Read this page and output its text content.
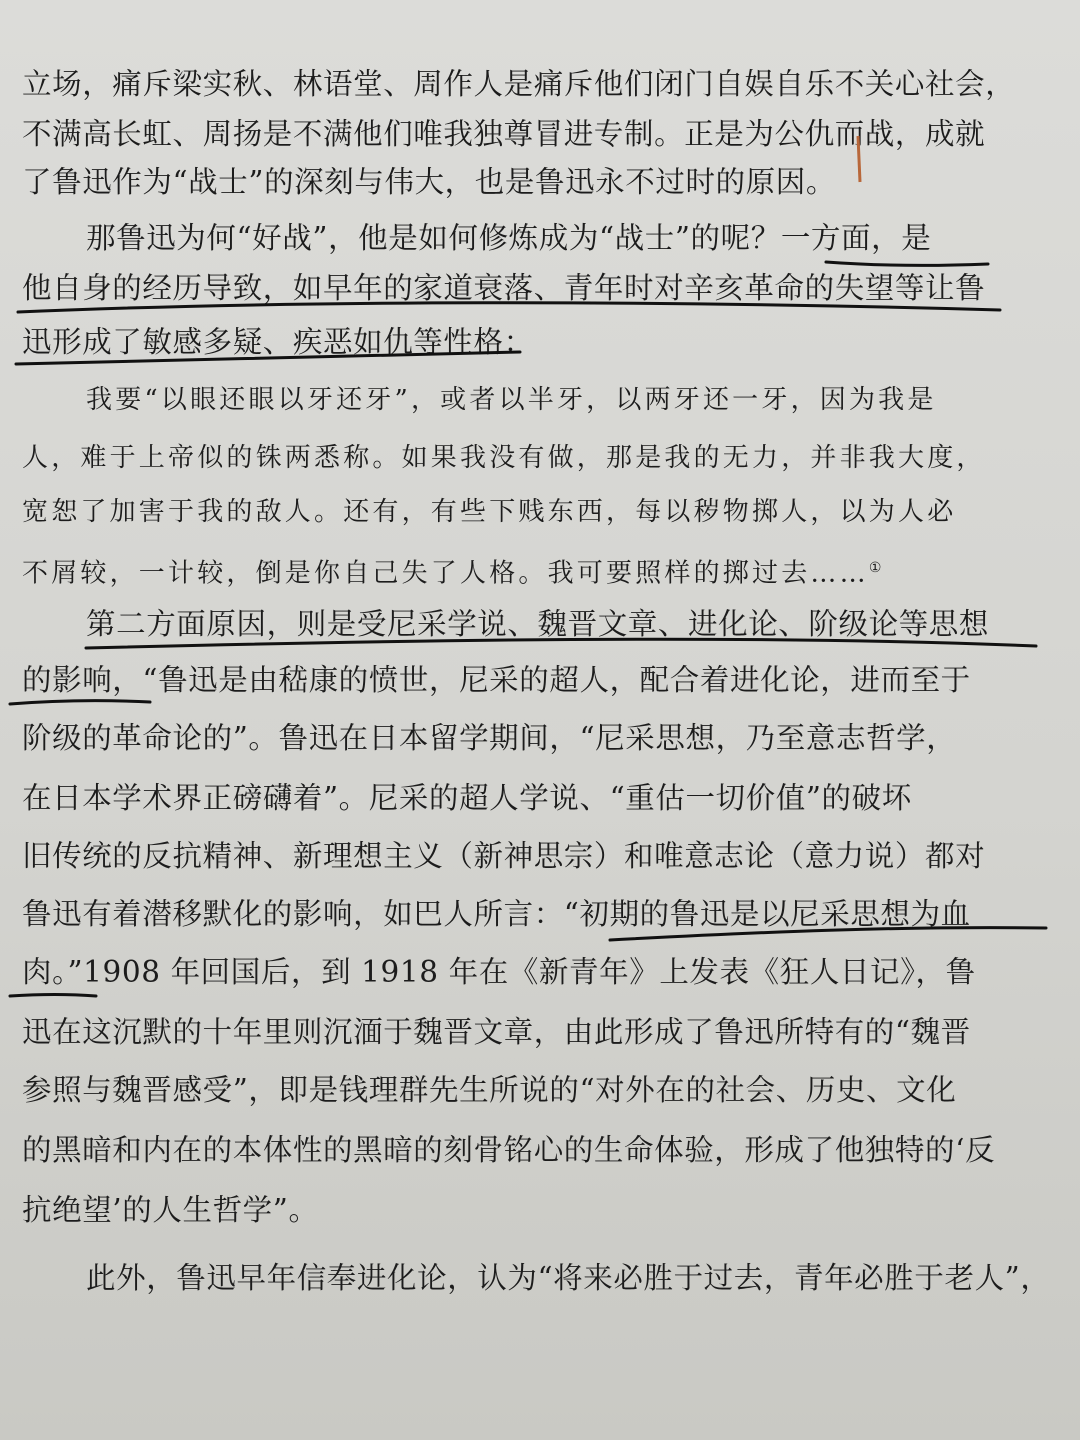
立场，痛斥梁实秋、林语堂、周作人是痛斥他们闭门自娱自乐不关心社会，

不满高长虹、周扬是不满他们唯我独尊冒进专制。正是为公仇而战，成就

了鲁迅作为“战士”的深刻与伟大，也是鲁迅永不过时的原因。

那鲁迅为何“好战”，他是如何修炼成为“战士”的呢？一方面，是

他自身的经历导致，如早年的家道衰落、青年时对辛亥革命的失望等让鲁

迅形成了敏感多疑、疾恶如仇等性格：

我要“以眼还眼以牙还牙”，或者以半牙，以两牙还一牙，因为我是

人，难于上帝似的铢两悉称。如果我没有做，那是我的无力，并非我大度，

宽恕了加害于我的敌人。还有，有些下贱东西，每以秽物掷人，以为人必

不屑较，一计较，倒是你自己失了人格。我可要照样的掷过去……①

第二方面原因，则是受尼采学说、魏晋文章、进化论、阶级论等思想

的影响，“鲁迅是由嵇康的愤世，尼采的超人，配合着进化论，进而至于

阶级的革命论的”。鲁迅在日本留学期间，“尼采思想，乃至意志哲学，

在日本学术界正磅礴着”。尼采的超人学说、“重估一切价值”的破坏

旧传统的反抗精神、新理想主义（新神思宗）和唯意志论（意力说）都对

鲁迅有着潜移默化的影响，如巴人所言：“初期的鲁迅是以尼采思想为血

肉。”1908 年回国后，到 1918 年在《新青年》上发表《狂人日记》，鲁

迅在这沉默的十年里则沉湎于魏晋文章，由此形成了鲁迅所特有的“魏晋

参照与魏晋感受”，即是钱理群先生所说的“对外在的社会、历史、文化

的黑暗和内在的本体性的黑暗的刻骨铭心的生命体验，形成了他独特的‘反

抗绝望’的人生哲学”。

此外，鲁迅早年信奉进化论，认为“将来必胜于过去，青年必胜于老人”，
